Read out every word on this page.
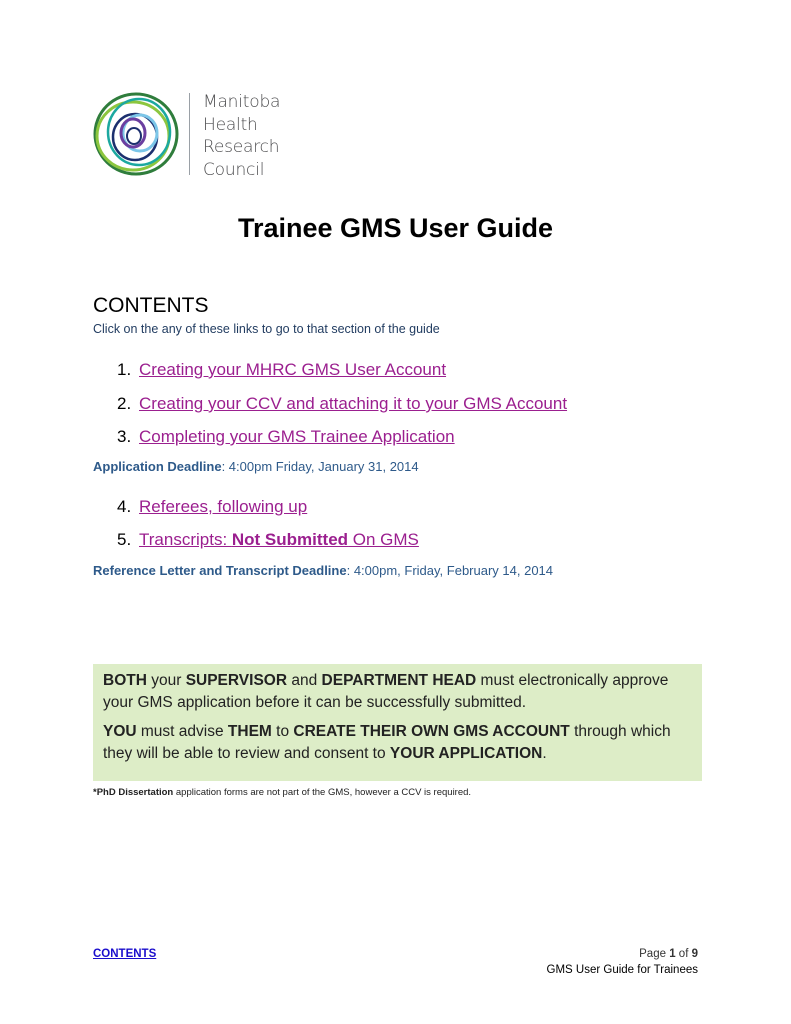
Manitoba
Health
Research
Council
Trainee GMS User Guide
CONTENTS
Click on the any of these links to go to that section of the guide
1. Creating your MHRC GMS User Account
2. Creating your CCV and attaching it to your GMS Account
3. Completing your GMS Trainee Application
Application Deadline: 4:00pm Friday, January 31, 2014
4. Referees, following up
5. Transcripts: Not Submitted On GMS
Reference Letter and Transcript Deadline: 4:00pm, Friday, February 14, 2014
BOTH your SUPERVISOR and DEPARTMENT HEAD must electronically approve your GMS application before it can be successfully submitted.
YOU must advise THEM to CREATE THEIR OWN GMS ACCOUNT through which they will be able to review and consent to YOUR APPLICATION.
*PhD Dissertation application forms are not part of the GMS, however a CCV is required.
CONTENTS	Page 1 of 9
GMS User Guide for Trainees
